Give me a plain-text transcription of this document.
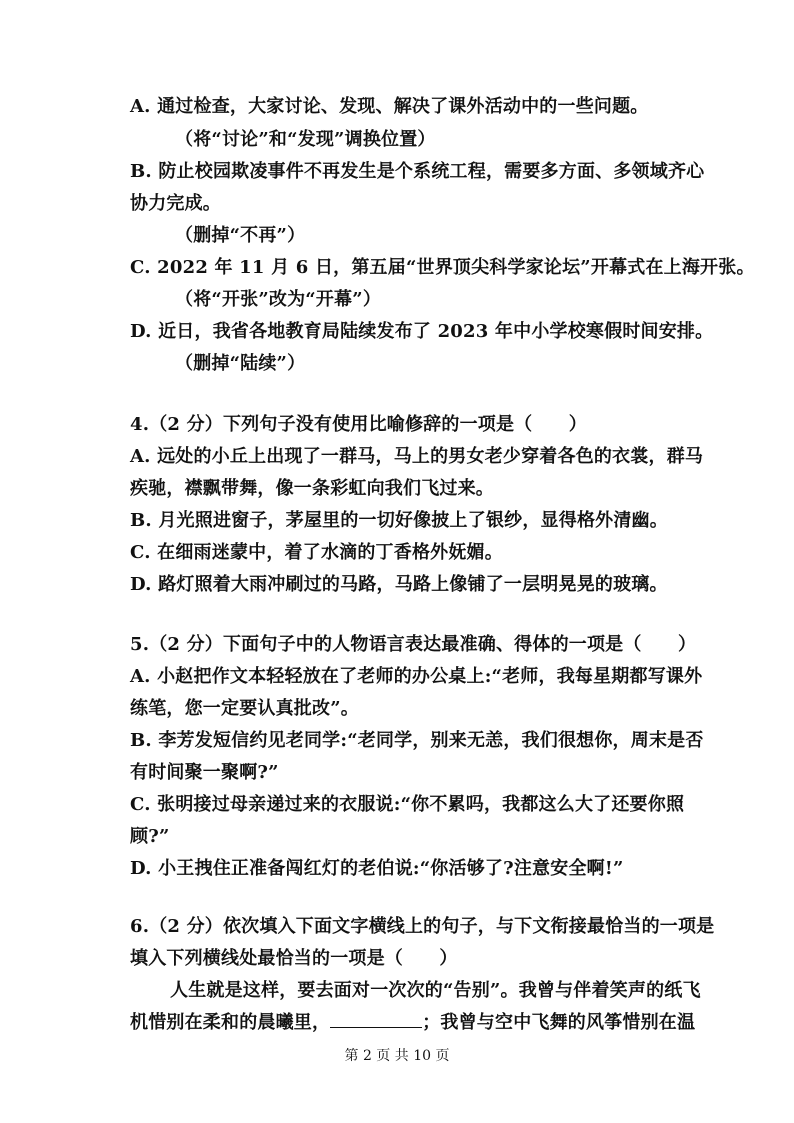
A. 通过检查，大家讨论、发现、解决了课外活动中的一些问题。
（将“讨论”和“发现”调换位置）
B. 防止校园欺凌事件不再发生是个系统工程，需要多方面、多领域齐心
协力完成。
（删掉“不再”）
C. 2022 年 11 月 6 日，第五届“世界顶尖科学家论坛”开幕式在上海开张。
（将“开张”改为“开幕”）
D. 近日，我省各地教育局陆续发布了 2023 年中小学校寒假时间安排。
（删掉“陆续”）
4.（2 分）下列句子没有使用比喻修辞的一项是（　　）
A. 远处的小丘上出现了一群马，马上的男女老少穿着各色的衣裳，群马
疾驰，襟飘带舞，像一条彩虹向我们飞过来。
B. 月光照进窗子，茅屋里的一切好像披上了银纱，显得格外清幽。
C. 在细雨迷蒙中，着了水滴的丁香格外妩媚。
D. 路灯照着大雨冲刷过的马路，马路上像铺了一层明晃晃的玻璃。
5.（2 分）下面句子中的人物语言表达最准确、得体的一项是（　　）
A. 小赵把作文本轻轻放在了老师的办公桌上:“老师，我每星期都写课外
练笔，您一定要认真批改”。
B. 李芳发短信约见老同学:“老同学，别来无恙，我们很想你，周末是否
有时间聚一聚啊?”
C. 张明接过母亲递过来的衣服说:“你不累吗，我都这么大了还要你照
顾?”
D. 小王拽住正准备闯红灯的老伯说:“你活够了?注意安全啊!”
6.（2 分）依次填入下面文字横线上的句子，与下文衔接最恰当的一项是
填入下列横线处最恰当的一项是（　　）
人生就是这样，要去面对一次次的“告别”。我曾与伴着笑声的纸飞
机惜别在柔和的晨曦里，	；我曾与空中飞舞的风筝惜别在温
第 2 页 共 10 页
